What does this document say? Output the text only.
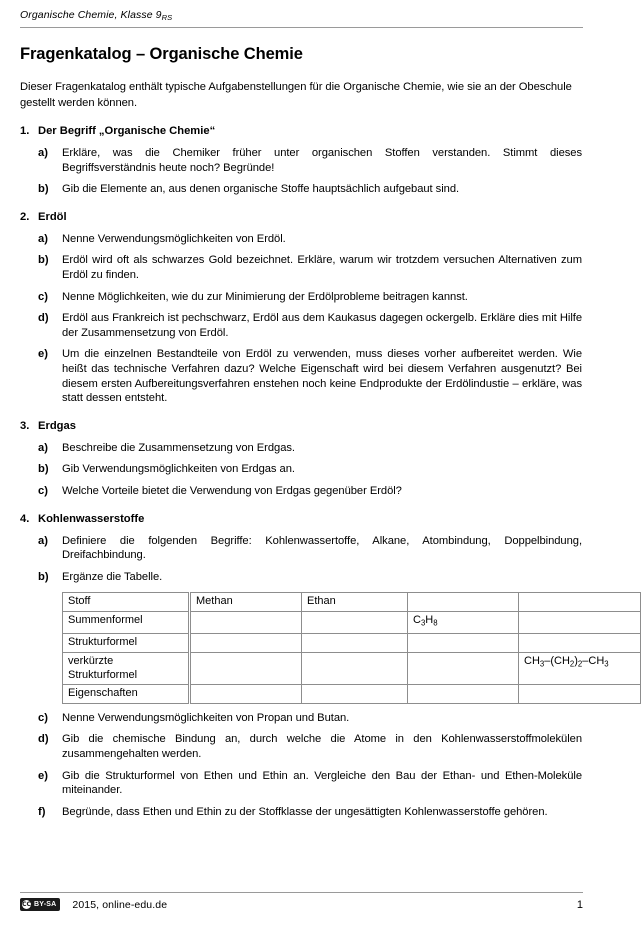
Organische Chemie, Klasse $9_{RS}$
Fragenkatalog – Organische Chemie

Dieser Fragenkatalog enthält typische Aufgabenstellungen für die Organische Chemie, wie sie an der Obeschule gestellt werden können.

1. Der Begriff „Organische Chemie“
a)	Erkläre, was die Chemiker früher unter organischen Stoffen verstanden. Stimmt dieses Begriffsverständnis heute noch? Begründe!
b)	Gib die Elemente an, aus denen organische Stoffe hauptsächlich aufgebaut sind.
2. Erdöl
a)	Nenne Verwendungsmöglichkeiten von Erdöl.
b)	Erdöl wird oft als schwarzes Gold bezeichnet. Erkläre, warum wir trotzdem versuchen Alternativen zum Erdöl zu finden.
c)	Nenne Möglichkeiten, wie du zur Minimierung der Erdölprobleme beitragen kannst.
d)	Erdöl aus Frankreich ist pechschwarz, Erdöl aus dem Kaukasus dagegen ockergelb. Erkläre dies mit Hilfe der Zusammensetzung von Erdöl.
e)	Um die einzelnen Bestandteile von Erdöl zu verwenden, muss dieses vorher aufbereitet werden. Wie heißt das technische Verfahren dazu? Welche Eigenschaft wird bei diesem Verfahren ausgenutzt? Bei diesem ersten Aufbereitungsverfahren enstehen noch keine Endprodukte der Erdölindustie – erkläre, was statt dessen entsteht.
3. Erdgas
a)	Beschreibe die Zusammensetzung von Erdgas.
b)	Gib Verwendungsmöglichkeiten von Erdgas an.
c)	Welche Vorteile bietet die Verwendung von Erdgas gegenüber Erdöl?
4. Kohlenwasserstoffe
a)	Definiere die folgenden Begriffe: Kohlenwassertoffe, Alkane, Atombindung, Doppelbindung, Dreifachbindung.
b)	Ergänze die Tabelle.
Stoff	Methan	Ethan		
Summenformel			$C_3H_8$	
Strukturformel				
verkürzte
Strukturformel				$CH_3-(CH_2)_2-CH_3$
Eigenschaften				
c)	Nenne Verwendungsmöglichkeiten von Propan und Butan.
d)	Gib die chemische Bindung an, durch welche die Atome in den Kohlenwasserstoffmolekülen zusammengehalten werden.
e)	Gib die Strukturformel von Ethen und Ethin an. Vergleiche den Bau der Ethan- und Ethen-Moleküle miteinander.
f)	Begründe, dass Ethen und Ethin zu der Stoffklasse der ungesättigten Kohlenwasserstoffe gehören.
CC BY-SA 2015, online-edu.de	1
